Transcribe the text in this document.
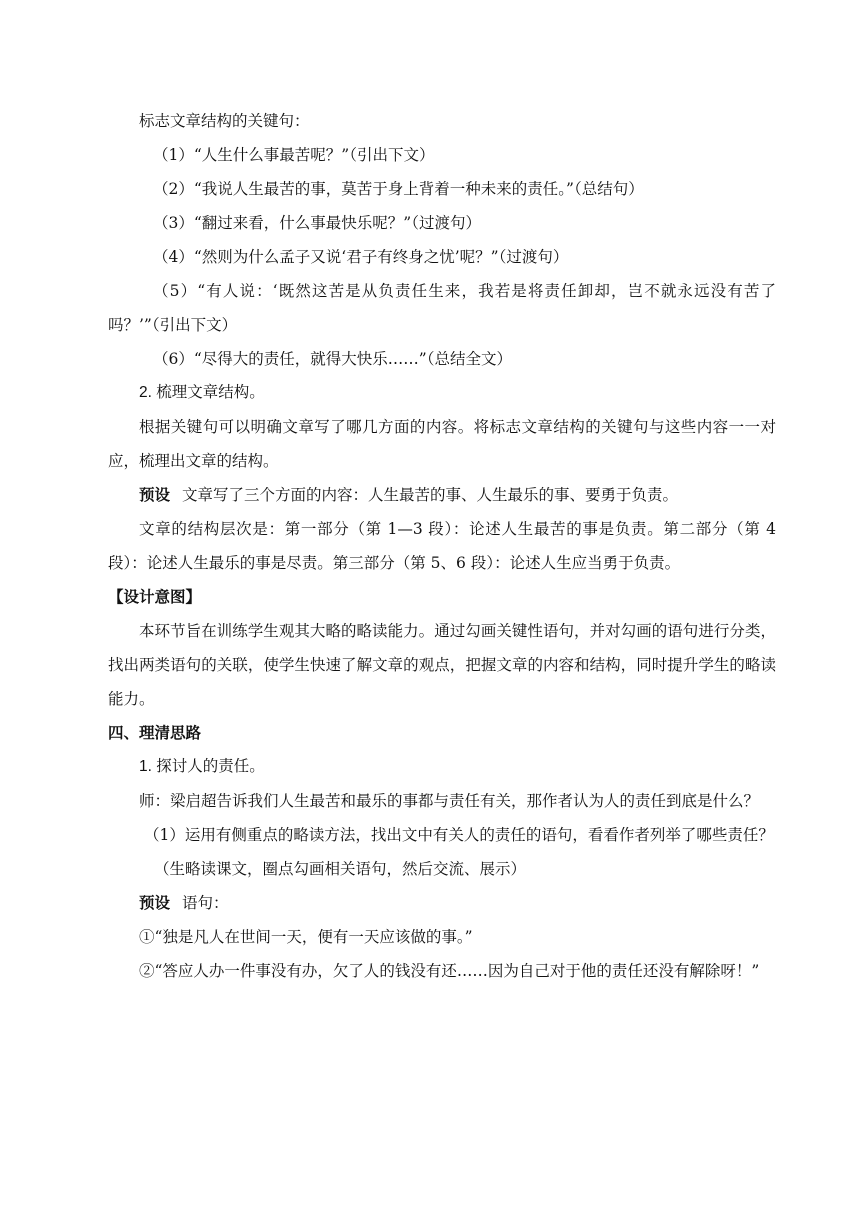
标志文章结构的关键句：
（1）“人生什么事最苦呢？”（引出下文）
（2）“我说人生最苦的事，莫苦于身上背着一种未来的责任。”（总结句）
（3）“翻过来看，什么事最快乐呢？”（过渡句）
（4）“然则为什么孟子又说‘君子有终身之忧’呢？”（过渡句）
（5）“有人说：‘既然这苦是从负责任生来，我若是将责任卸却，岂不就永远没有苦了吗？’”（引出下文）
（6）“尽得大的责任，就得大快乐……”（总结全文）
2. 梳理文章结构。
根据关键句可以明确文章写了哪几方面的内容。将标志文章结构的关键句与这些内容一一对应，梳理出文章的结构。
预设 文章写了三个方面的内容：人生最苦的事、人生最乐的事、要勇于负责。
文章的结构层次是：第一部分（第 1—3 段）：论述人生最苦的事是负责。第二部分（第 4 段）：论述人生最乐的事是尽责。第三部分（第 5、6 段）：论述人生应当勇于负责。
【设计意图】
本环节旨在训练学生观其大略的略读能力。通过勾画关键性语句，并对勾画的语句进行分类，找出两类语句的关联，使学生快速了解文章的观点，把握文章的内容和结构，同时提升学生的略读能力。
四、理清思路
1. 探讨人的责任。
师：梁启超告诉我们人生最苦和最乐的事都与责任有关，那作者认为人的责任到底是什么？
（1）运用有侧重点的略读方法，找出文中有关人的责任的语句，看看作者列举了哪些责任？
（生略读课文，圈点勾画相关语句，然后交流、展示）
预设 语句：
①“独是凡人在世间一天，便有一天应该做的事。”
②“答应人办一件事没有办，欠了人的钱没有还……因为自己对于他的责任还没有解除呀！”
